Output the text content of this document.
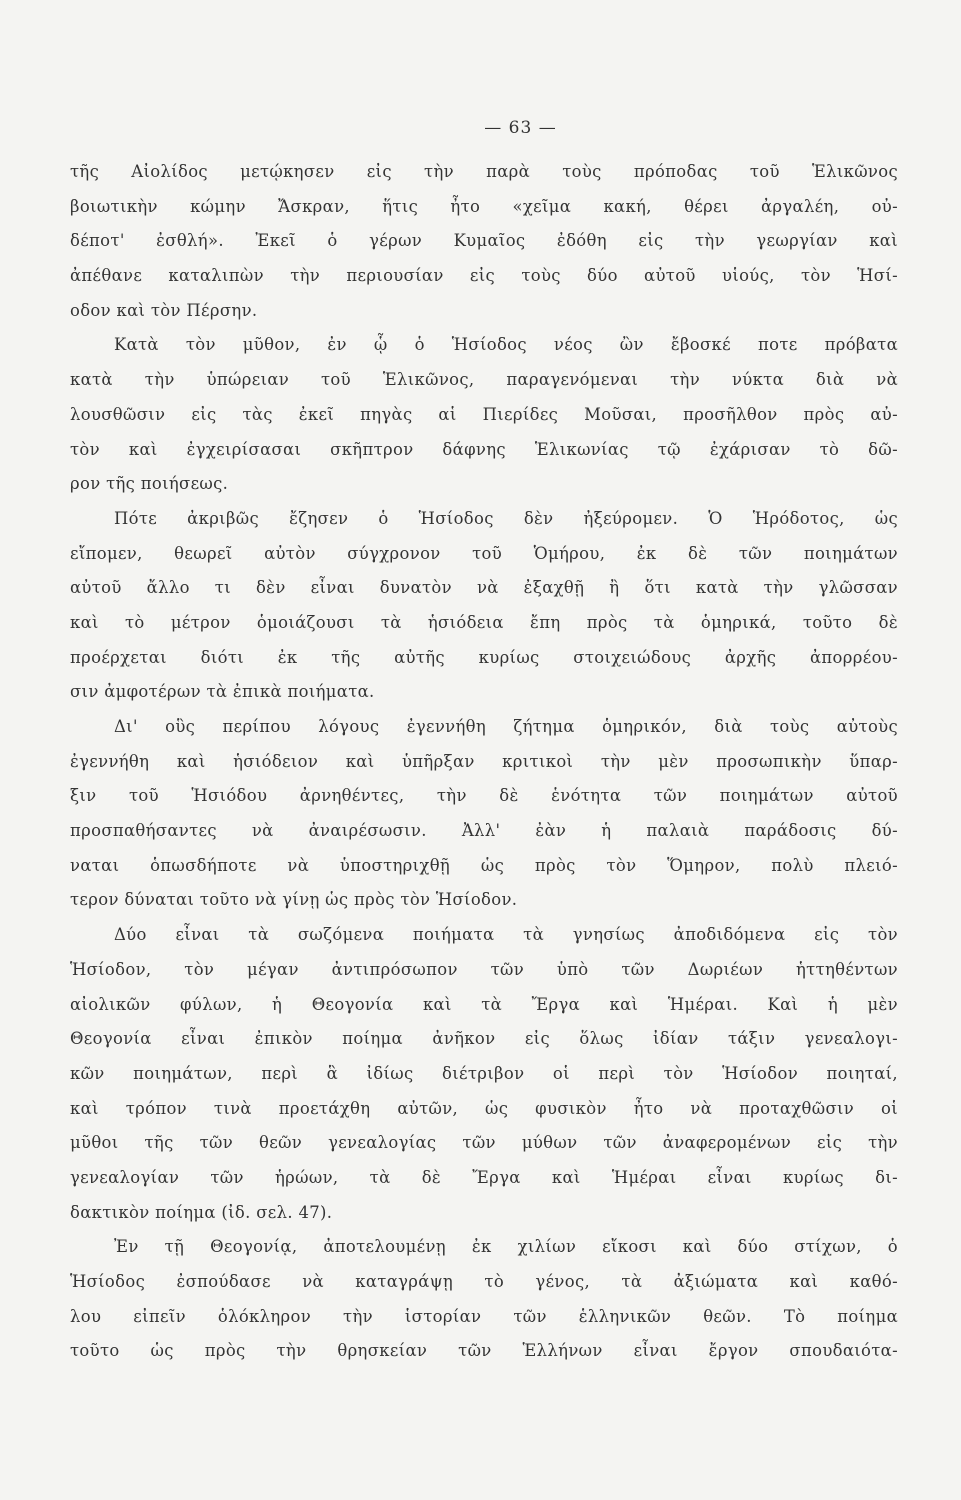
— 63 —
τῆς Αἰολίδος μετῴκησεν εἰς τὴν παρὰ τοὺς πρόποδας τοῦ Ἑλικῶνος
βοιωτικὴν κώμην Ἄσκραν, ἥτις ἦτο «χεῖμα κακή, θέρει ἀργαλέη, οὐ-
δέποτ' ἐσθλή». Ἐκεῖ ὁ γέρων Κυμαῖος ἐδόθη εἰς τὴν γεωργίαν καὶ
ἀπέθανε καταλιπὼν τὴν περιουσίαν εἰς τοὺς δύο αὐτοῦ υἱούς, τὸν Ἡσί-
οδον καὶ τὸν Πέρσην.
Κατὰ τὸν μῦθον, ἐν ᾧ ὁ Ἡσίοδος νέος ὢν ἔβοσκέ ποτε πρόβατα
κατὰ τὴν ὑπώρειαν τοῦ Ἑλικῶνος, παραγενόμεναι τὴν νύκτα διὰ νὰ
λουσθῶσιν εἰς τὰς ἐκεῖ πηγὰς αἱ Πιερίδες Μοῦσαι, προσῆλθον πρὸς αὐ-
τὸν καὶ ἐγχειρίσασαι σκῆπτρον δάφνης Ἑλικωνίας τῷ ἐχάρισαν τὸ δῶ-
ρον τῆς ποιήσεως.
Πότε ἀκριβῶς ἔζησεν ὁ Ἡσίοδος δὲν ἠξεύρομεν. Ὁ Ἡρόδοτος, ὡς
εἴπομεν, θεωρεῖ αὐτὸν σύγχρονον τοῦ Ὁμήρου, ἐκ δὲ τῶν ποιημάτων
αὐτοῦ ἄλλο τι δὲν εἶναι δυνατὸν νὰ ἐξαχθῇ ἢ ὅτι κατὰ τὴν γλῶσσαν
καὶ τὸ μέτρον ὁμοιάζουσι τὰ ἡσιόδεια ἔπη πρὸς τὰ ὁμηρικά, τοῦτο δὲ
προέρχεται διότι ἐκ τῆς αὐτῆς κυρίως στοιχειώδους ἀρχῆς ἀπορρέου-
σιν ἀμφοτέρων τὰ ἐπικὰ ποιήματα.
Δι' οὓς περίπου λόγους ἐγεννήθη ζήτημα ὁμηρικόν, διὰ τοὺς αὐτοὺς
ἐγεννήθη καὶ ἡσιόδειον καὶ ὑπῆρξαν κριτικοὶ τὴν μὲν προσωπικὴν ὕπαρ-
ξιν τοῦ Ἡσιόδου ἀρνηθέντες, τὴν δὲ ἑνότητα τῶν ποιημάτων αὐτοῦ
προσπαθήσαντες νὰ ἀναιρέσωσιν. Ἀλλ' ἐὰν ἡ παλαιὰ παράδοσις δύ-
ναται ὁπωσδήποτε νὰ ὑποστηριχθῇ ὡς πρὸς τὸν Ὅμηρον, πολὺ πλειό-
τερον δύναται τοῦτο νὰ γίνῃ ὡς πρὸς τὸν Ἡσίοδον.
Δύο εἶναι τὰ σωζόμενα ποιήματα τὰ γνησίως ἀποδιδόμενα εἰς τὸν
Ἡσίοδον, τὸν μέγαν ἀντιπρόσωπον τῶν ὑπὸ τῶν Δωριέων ἡττηθέντων
αἰολικῶν φύλων, ἡ Θεογονία καὶ τὰ Ἔργα καὶ Ἡμέραι. Καὶ ἡ μὲν
Θεογονία εἶναι ἐπικὸν ποίημα ἀνῆκον εἰς ὅλως ἰδίαν τάξιν γενεαλογι-
κῶν ποιημάτων, περὶ ἃ ἰδίως διέτριβον οἱ περὶ τὸν Ἡσίοδον ποιηταί,
καὶ τρόπον τινὰ προετάχθη αὐτῶν, ὡς φυσικὸν ἦτο νὰ προταχθῶσιν οἱ
μῦθοι τῆς τῶν θεῶν γενεαλογίας τῶν μύθων τῶν ἀναφερομένων εἰς τὴν
γενεαλογίαν τῶν ἡρώων, τὰ δὲ Ἔργα καὶ Ἡμέραι εἶναι κυρίως δι-
δακτικὸν ποίημα (ἰδ. σελ. 47).
Ἐν τῇ Θεογονίᾳ, ἀποτελουμένῃ ἐκ χιλίων εἴκοσι καὶ δύο στίχων, ὁ
Ἡσίοδος ἐσπούδασε νὰ καταγράψῃ τὸ γένος, τὰ ἀξιώματα καὶ καθό-
λου εἰπεῖν ὁλόκληρον τὴν ἱστορίαν τῶν ἑλληνικῶν θεῶν. Τὸ ποίημα
τοῦτο ὡς πρὸς τὴν θρησκείαν τῶν Ἑλλήνων εἶναι ἔργον σπουδαιότα-
